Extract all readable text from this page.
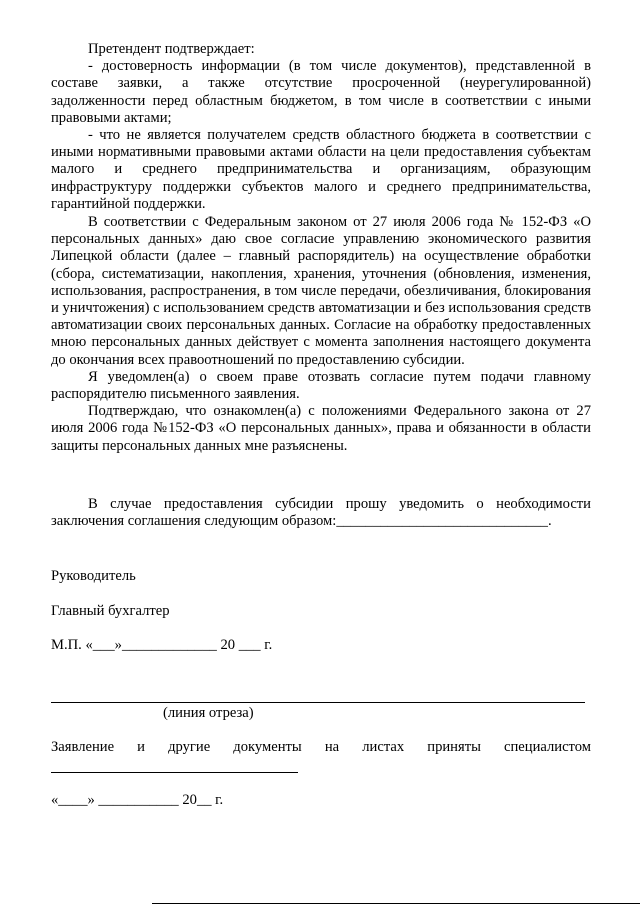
Претендент подтверждает:

- достоверность информации (в том числе документов), представленной в составе заявки, а также отсутствие просроченной (неурегулированной) задолженности перед областным бюджетом, в том числе в соответствии с иными правовыми актами;

- что не является получателем средств областного бюджета в соответствии с иными нормативными правовыми актами области на цели предоставления субъектам малого и среднего предпринимательства и организациям, образующим инфраструктуру поддержки субъектов малого и среднего предпринимательства, гарантийной поддержки.

В соответствии с Федеральным законом от 27 июля 2006 года № 152-ФЗ «О персональных данных» даю свое согласие управлению экономического развития Липецкой области (далее – главный распорядитель) на осуществление обработки (сбора, систематизации, накопления, хранения, уточнения (обновления, изменения, использования, распространения, в том числе передачи, обезличивания, блокирования и уничтожения) с использованием средств автоматизации и без использования средств автоматизации своих персональных данных. Согласие на обработку предоставленных мною персональных данных действует с момента заполнения настоящего документа до окончания всех правоотношений по предоставлению субсидии.

Я уведомлен(а) о своем праве отозвать согласие путем подачи главному распорядителю письменного заявления.

Подтверждаю, что ознакомлен(а) с положениями Федерального закона от 27 июля 2006 года №152-ФЗ «О персональных данных», права и обязанности в области защиты персональных данных мне разъяснены.

В случае предоставления субсидии прошу уведомить о необходимости заключения соглашения следующим образом:_____________________________.

Руководитель
Главный бухгалтер
М.П. «___»_____________ 20 ___ г.
(линия отреза)
Заявление и другие документы на листах приняты специалистом
«____» ___________ 20__ г.
